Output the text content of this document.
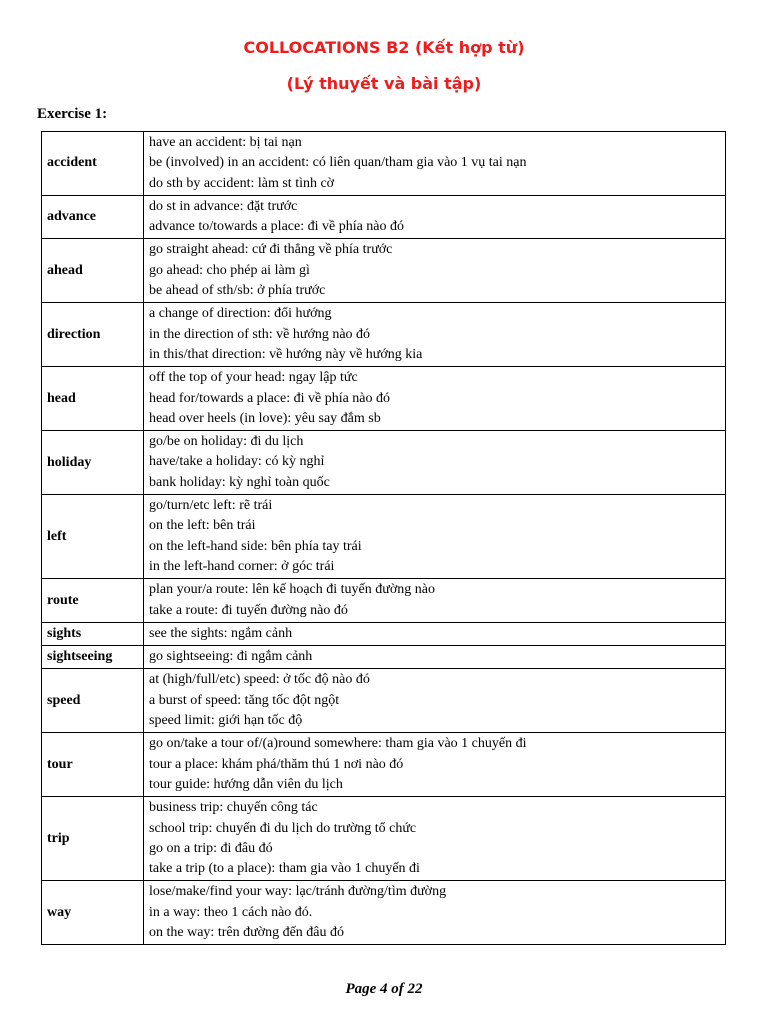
COLLOCATIONS B2 (Kết hợp từ)

(Lý thuyết và bài tập)

Exercise 1:

accident	have an accident: bị tai nạn
be (involved) in an accident: có liên quan/tham gia vào 1 vụ tai nạn
do sth by accident: làm st tình cờ

advance	do st in advance: đặt trước
advance to/towards a place: đi về phía nào đó

ahead	go straight ahead: cứ đi thẳng về phía trước
go ahead: cho phép ai làm gì
be ahead of sth/sb: ở phía trước

direction	a change of direction: đổi hướng
in the direction of sth: về hướng nào đó
in this/that direction: về hướng này về hướng kia

head	off the top of your head: ngay lập tức
head for/towards a place: đi về phía nào đó
head over heels (in love): yêu say đắm sb

holiday	go/be on holiday: đi du lịch
have/take a holiday: có kỳ nghỉ
bank holiday: kỳ nghỉ toàn quốc

left	go/turn/etc left: rẽ trái
on the left: bên trái
on the left-hand side: bên phía tay trái
in the left-hand corner: ở góc trái

route	plan your/a route: lên kế hoạch đi tuyến đường nào
take a route: đi tuyến đường nào đó

sights	see the sights: ngắm cảnh

sightseeing	go sightseeing: đi ngắm cảnh

speed	at (high/full/etc) speed: ở tốc độ nào đó
a burst of speed: tăng tốc đột ngột
speed limit: giới hạn tốc độ

tour	go on/take a tour of/(a)round somewhere: tham gia vào 1 chuyến đi
tour a place: khám phá/thăm thú 1 nơi nào đó
tour guide: hướng dẫn viên du lịch

trip	business trip: chuyến công tác
school trip: chuyến đi du lịch do trường tổ chức
go on a trip: đi đâu đó
take a trip (to a place): tham gia vào 1 chuyến đi

way	lose/make/find your way: lạc/tránh đường/tìm đường
in a way: theo 1 cách nào đó.
on the way: trên đường đến đâu đó

Page 4 of 22
